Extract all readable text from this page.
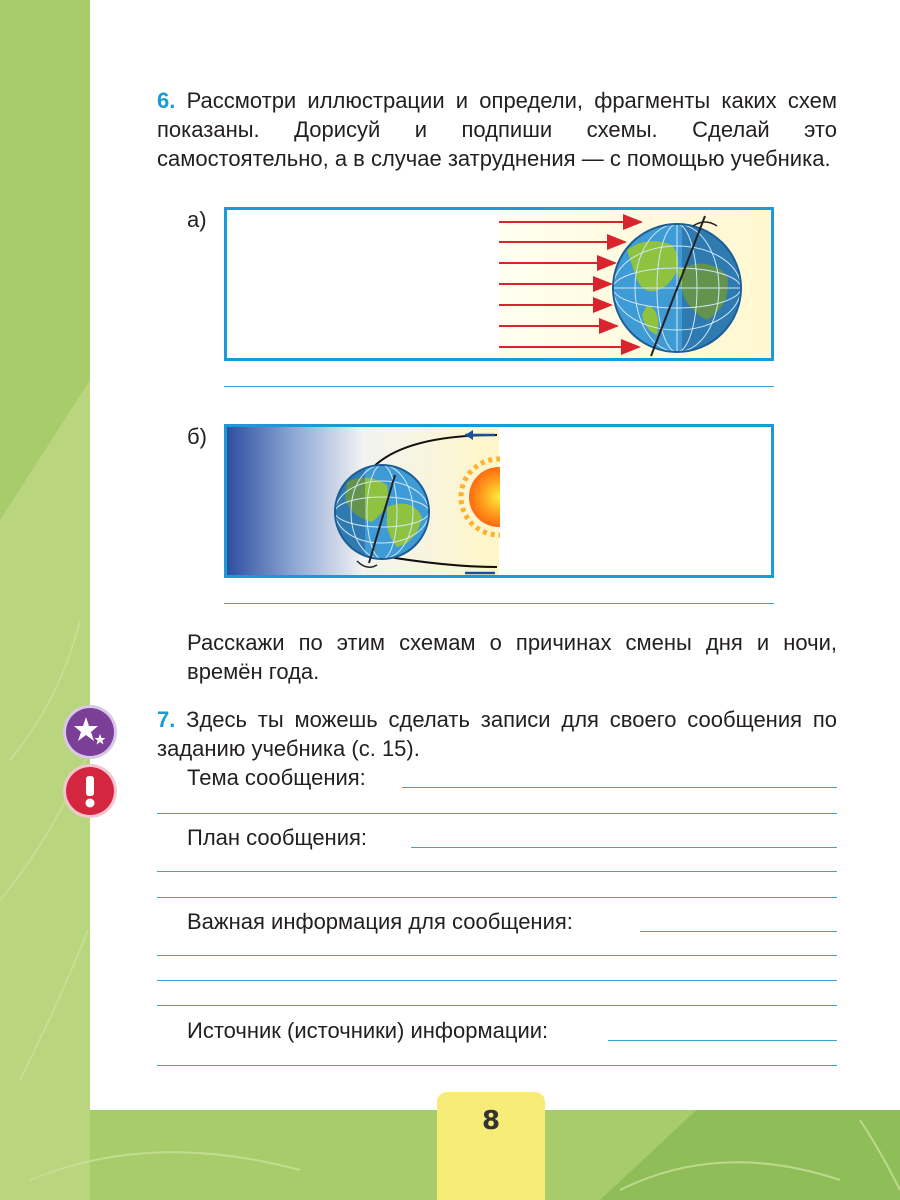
6. Рассмотри иллюстрации и определи, фрагменты каких схем показаны. Дорисуй и подпиши схемы. Сделай это самостоятельно, а в случае затруднения — с помощью учебника.
а)
б)
Расскажи по этим схемам о причинах смены дня и ночи, времён года.
7. Здесь ты можешь сделать записи для своего сообщения по заданию учебника (с. 15).
Тема сообщения:
План сообщения:
Важная информация для сообщения:
Источник (источники) информации:
8
